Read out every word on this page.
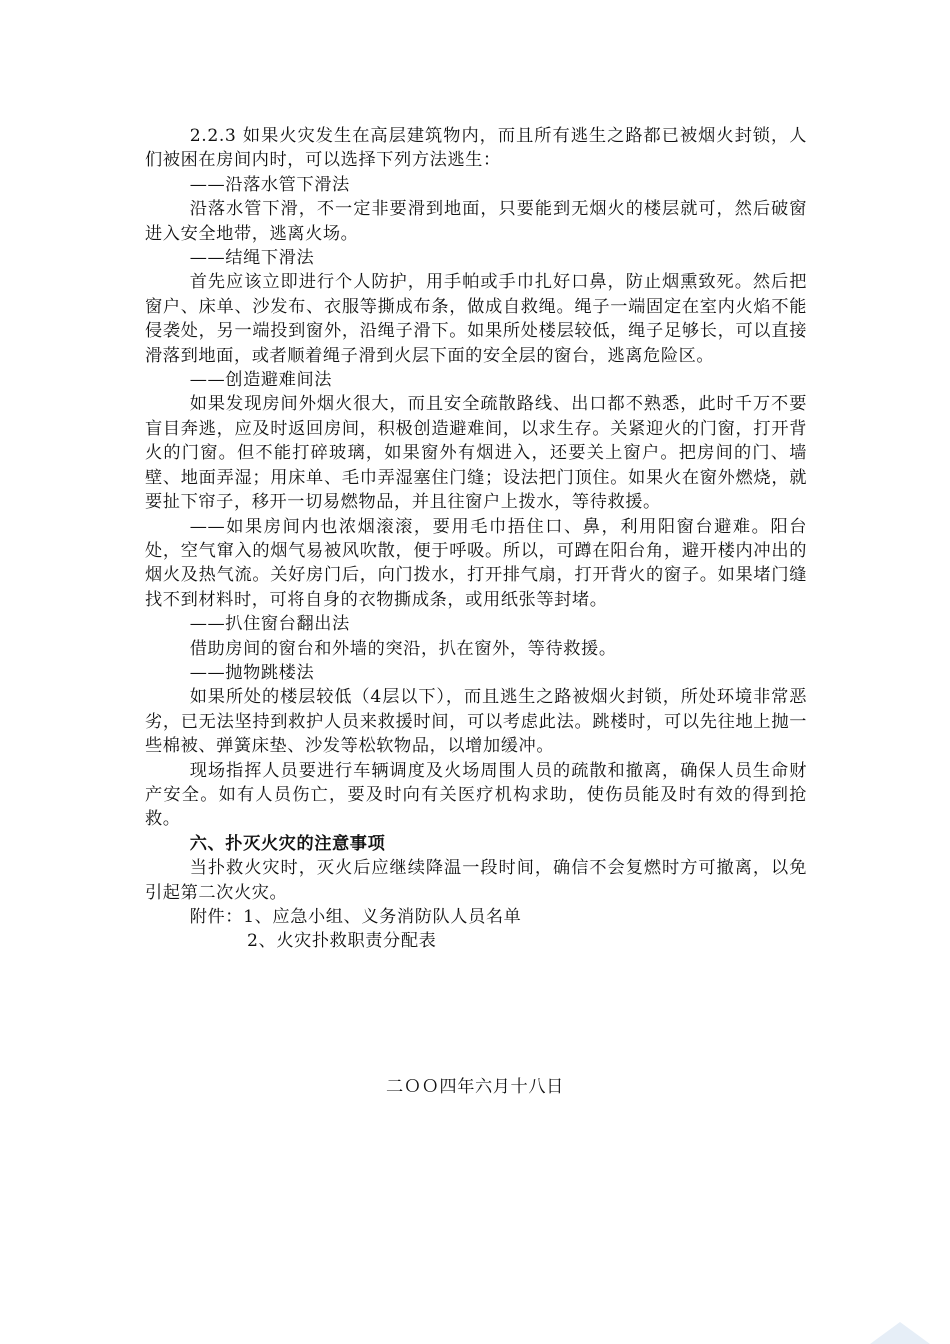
2.2.3 如果火灾发生在高层建筑物内，而且所有逃生之路都已被烟火封锁，人们被困在房间内时，可以选择下列方法逃生：

——沿落水管下滑法

沿落水管下滑，不一定非要滑到地面，只要能到无烟火的楼层就可，然后破窗进入安全地带，逃离火场。

——结绳下滑法

首先应该立即进行个人防护，用手帕或手巾扎好口鼻，防止烟熏致死。然后把窗户、床单、沙发布、衣服等撕成布条，做成自救绳。绳子一端固定在室内火焰不能侵袭处，另一端投到窗外，沿绳子滑下。如果所处楼层较低，绳子足够长，可以直接滑落到地面，或者顺着绳子滑到火层下面的安全层的窗台，逃离危险区。

——创造避难间法

如果发现房间外烟火很大，而且安全疏散路线、出口都不熟悉，此时千万不要盲目奔逃，应及时返回房间，积极创造避难间，以求生存。关紧迎火的门窗，打开背火的门窗。但不能打碎玻璃，如果窗外有烟进入，还要关上窗户。把房间的门、墙壁、地面弄湿；用床单、毛巾弄湿塞住门缝；设法把门顶住。如果火在窗外燃烧，就要扯下帘子，移开一切易燃物品，并且往窗户上拨水，等待救援。

——如果房间内也浓烟滚滚，要用毛巾捂住口、鼻，利用阳窗台避难。阳台处，空气窜入的烟气易被风吹散，便于呼吸。所以，可蹲在阳台角，避开楼内冲出的烟火及热气流。关好房门后，向门拨水，打开排气扇，打开背火的窗子。如果堵门缝找不到材料时，可将自身的衣物撕成条，或用纸张等封堵。

——扒住窗台翻出法

借助房间的窗台和外墙的突沿，扒在窗外，等待救援。

——抛物跳楼法

如果所处的楼层较低（4层以下），而且逃生之路被烟火封锁，所处环境非常恶劣，已无法坚持到救护人员来救援时间，可以考虑此法。跳楼时，可以先往地上抛一些棉被、弹簧床垫、沙发等松软物品，以增加缓冲。

现场指挥人员要进行车辆调度及火场周围人员的疏散和撤离，确保人员生命财产安全。如有人员伤亡，要及时向有关医疗机构求助，使伤员能及时有效的得到抢救。

六、扑灭火灾的注意事项

当扑救火灾时，灭火后应继续降温一段时间，确信不会复燃时方可撤离，以免引起第二次火灾。

附件：1、应急小组、义务消防队人员名单

2、火灾扑救职责分配表

二ＯＯ四年六月十八日
